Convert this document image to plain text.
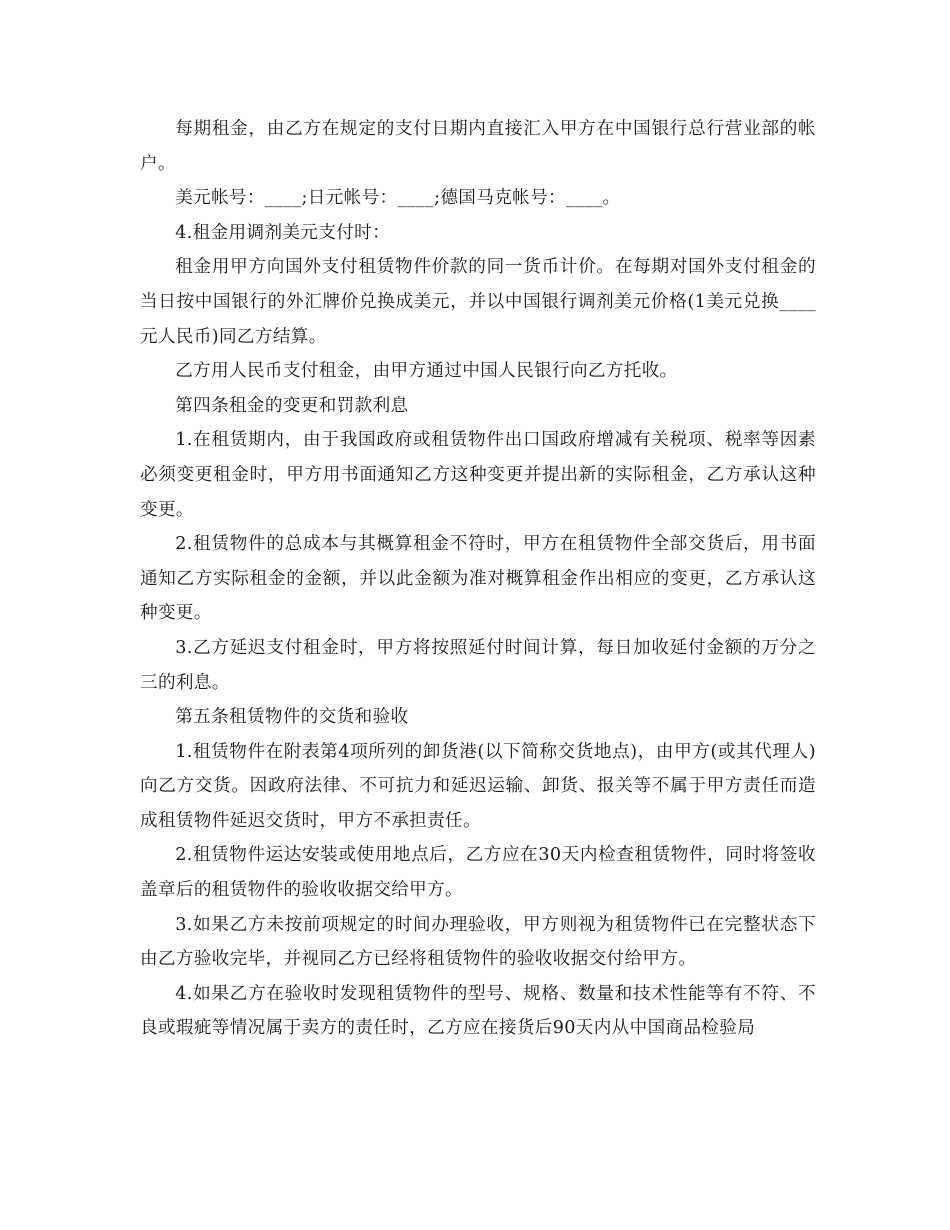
每期租金，由乙方在规定的支付日期内直接汇入甲方在中国银行总行营业部的帐户。

美元帐号：____;日元帐号：____;德国马克帐号：____。

4.租金用调剂美元支付时：

租金用甲方向国外支付租赁物件价款的同一货币计价。在每期对国外支付租金的当日按中国银行的外汇牌价兑换成美元，并以中国银行调剂美元价格(1美元兑换____元人民币)同乙方结算。

乙方用人民币支付租金，由甲方通过中国人民银行向乙方托收。

第四条租金的变更和罚款利息

1.在租赁期内，由于我国政府或租赁物件出口国政府增减有关税项、税率等因素必须变更租金时，甲方用书面通知乙方这种变更并提出新的实际租金，乙方承认这种变更。

2.租赁物件的总成本与其概算租金不符时，甲方在租赁物件全部交货后，用书面通知乙方实际租金的金额，并以此金额为准对概算租金作出相应的变更，乙方承认这种变更。

3.乙方延迟支付租金时，甲方将按照延付时间计算，每日加收延付金额的万分之三的利息。

第五条租赁物件的交货和验收

1.租赁物件在附表第4项所列的卸货港(以下简称交货地点)，由甲方(或其代理人)向乙方交货。因政府法律、不可抗力和延迟运输、卸货、报关等不属于甲方责任而造成租赁物件延迟交货时，甲方不承担责任。

2.租赁物件运达安装或使用地点后，乙方应在30天内检查租赁物件，同时将签收盖章后的租赁物件的验收收据交给甲方。

3.如果乙方未按前项规定的时间办理验收，甲方则视为租赁物件已在完整状态下由乙方验收完毕，并视同乙方已经将租赁物件的验收收据交付给甲方。

4.如果乙方在验收时发现租赁物件的型号、规格、数量和技术性能等有不符、不良或瑕疵等情况属于卖方的责任时，乙方应在接货后90天内从中国商品检验局
